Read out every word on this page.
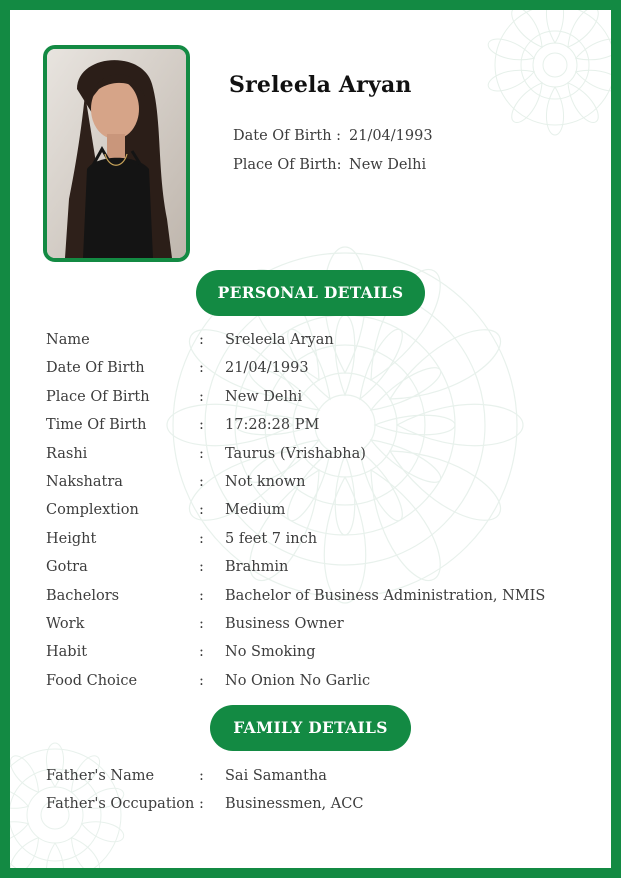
Sreleela Aryan
Date Of Birth : 21/04/1993
Place Of Birth: New Delhi
PERSONAL DETAILS
Name	: Sreleela Aryan
Date Of Birth	: 21/04/1993
Place Of Birth	: New Delhi
Time Of Birth	: 17:28:28 PM
Rashi	: Taurus (Vrishabha)
Nakshatra	: Not known
Complextion	: Medium
Height	: 5 feet 7 inch
Gotra	: Brahmin
Bachelors	: Bachelor of Business Administration, NMIS
Work	: Business Owner
Habit	: No Smoking
Food Choice	: No Onion No Garlic
FAMILY DETAILS
Father's Name	: Sai Samantha
Father's Occupation : Businessmen, ACC
